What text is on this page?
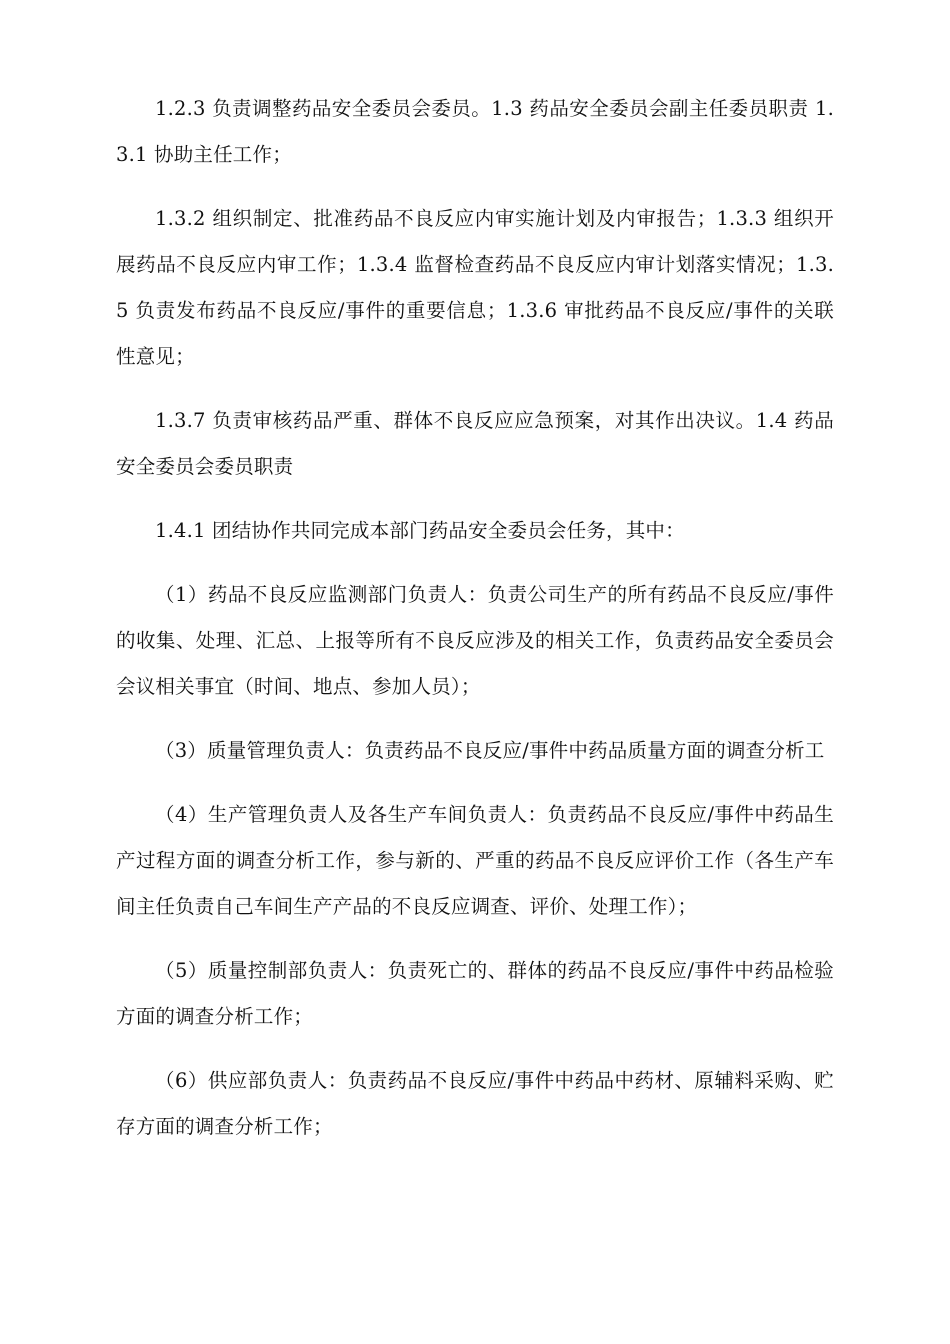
1.2.3 负责调整药品安全委员会委员。1.3 药品安全委员会副主任委员职责 1.3.1 协助主任工作；

1.3.2 组织制定、批准药品不良反应内审实施计划及内审报告；1.3.3 组织开展药品不良反应内审工作；1.3.4 监督检查药品不良反应内审计划落实情况；1.3.5 负责发布药品不良反应/事件的重要信息；1.3.6 审批药品不良反应/事件的关联性意见；

1.3.7 负责审核药品严重、群体不良反应应急预案，对其作出决议。1.4 药品安全委员会委员职责

1.4.1 团结协作共同完成本部门药品安全委员会任务，其中：

（1）药品不良反应监测部门负责人：负责公司生产的所有药品不良反应/事件的收集、处理、汇总、上报等所有不良反应涉及的相关工作，负责药品安全委员会会议相关事宜（时间、地点、参加人员）；

（3）质量管理负责人：负责药品不良反应/事件中药品质量方面的调查分析工

（4）生产管理负责人及各生产车间负责人：负责药品不良反应/事件中药品生产过程方面的调查分析工作，参与新的、严重的药品不良反应评价工作（各生产车间主任负责自己车间生产产品的不良反应调查、评价、处理工作）；

（5）质量控制部负责人：负责死亡的、群体的药品不良反应/事件中药品检验方面的调查分析工作；

（6）供应部负责人：负责药品不良反应/事件中药品中药材、原辅料采购、贮存方面的调查分析工作；
